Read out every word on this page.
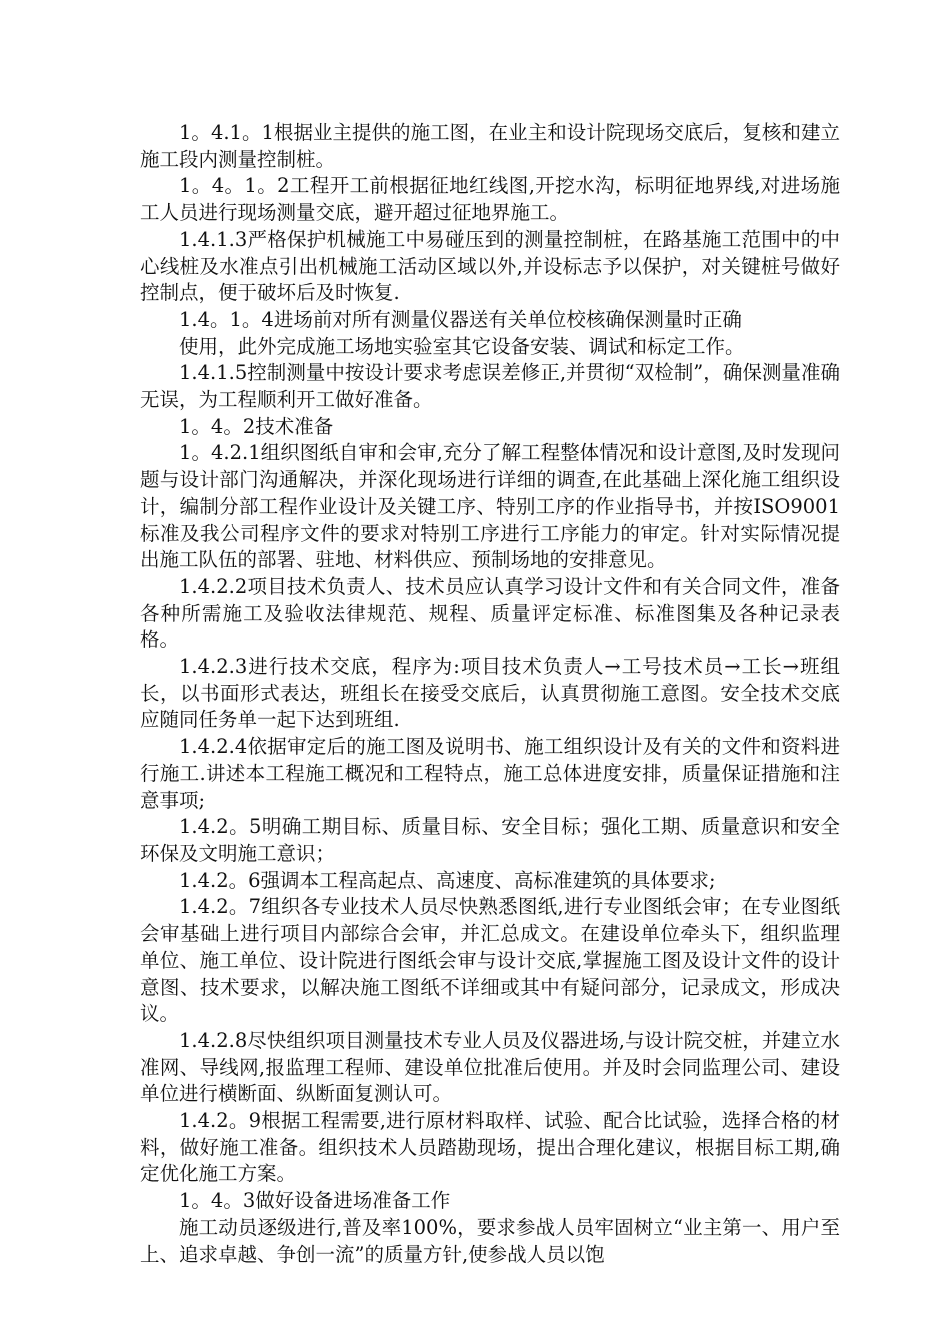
1。4.1。1根据业主提供的施工图，在业主和设计院现场交底后，复核和建立施工段内测量控制桩。

1。4。1。2工程开工前根据征地红线图,开挖水沟，标明征地界线,对进场施工人员进行现场测量交底，避开超过征地界施工。

1.4.1.3严格保护机械施工中易碰压到的测量控制桩，在路基施工范围中的中心线桩及水准点引出机械施工活动区域以外,并设标志予以保护，对关键桩号做好控制点，便于破坏后及时恢复.

1.4。1。4进场前对所有测量仪器送有关单位校核确保测量时正确

使用，此外完成施工场地实验室其它设备安装、调试和标定工作。

1.4.1.5控制测量中按设计要求考虑误差修正,并贯彻“双检制”，确保测量准确无误，为工程顺利开工做好准备。

1。4。2技术准备

1。4.2.1组织图纸自审和会审,充分了解工程整体情况和设计意图,及时发现问题与设计部门沟通解决，并深化现场进行详细的调查,在此基础上深化施工组织设计，编制分部工程作业设计及关键工序、特别工序的作业指导书，并按ISO9001标准及我公司程序文件的要求对特别工序进行工序能力的审定。针对实际情况提出施工队伍的部署、驻地、材料供应、预制场地的安排意见。

1.4.2.2项目技术负责人、技术员应认真学习设计文件和有关合同文件，准备各种所需施工及验收法律规范、规程、质量评定标准、标准图集及各种记录表格。

1.4.2.3进行技术交底，程序为:项目技术负责人→工号技术员→工长→班组长，以书面形式表达，班组长在接受交底后，认真贯彻施工意图。安全技术交底应随同任务单一起下达到班组.

1.4.2.4依据审定后的施工图及说明书、施工组织设计及有关的文件和资料进行施工.讲述本工程施工概况和工程特点，施工总体进度安排，质量保证措施和注意事项;

1.4.2。5明确工期目标、质量目标、安全目标；强化工期、质量意识和安全环保及文明施工意识；

1.4.2。6强调本工程高起点、高速度、高标准建筑的具体要求;

1.4.2。7组织各专业技术人员尽快熟悉图纸,进行专业图纸会审；在专业图纸会审基础上进行项目内部综合会审，并汇总成文。在建设单位牵头下，组织监理单位、施工单位、设计院进行图纸会审与设计交底,掌握施工图及设计文件的设计意图、技术要求，以解决施工图纸不详细或其中有疑问部分，记录成文，形成决议。

1.4.2.8尽快组织项目测量技术专业人员及仪器进场,与设计院交桩，并建立水准网、导线网,报监理工程师、建设单位批准后使用。并及时会同监理公司、建设单位进行横断面、纵断面复测认可。

1.4.2。9根据工程需要,进行原材料取样、试验、配合比试验，选择合格的材料，做好施工准备。组织技术人员踏勘现场，提出合理化建议，根据目标工期,确定优化施工方案。

1。4。3做好设备进场准备工作

施工动员逐级进行,普及率100%，要求参战人员牢固树立“业主第一、用户至上、追求卓越、争创一流”的质量方针,使参战人员以饱
